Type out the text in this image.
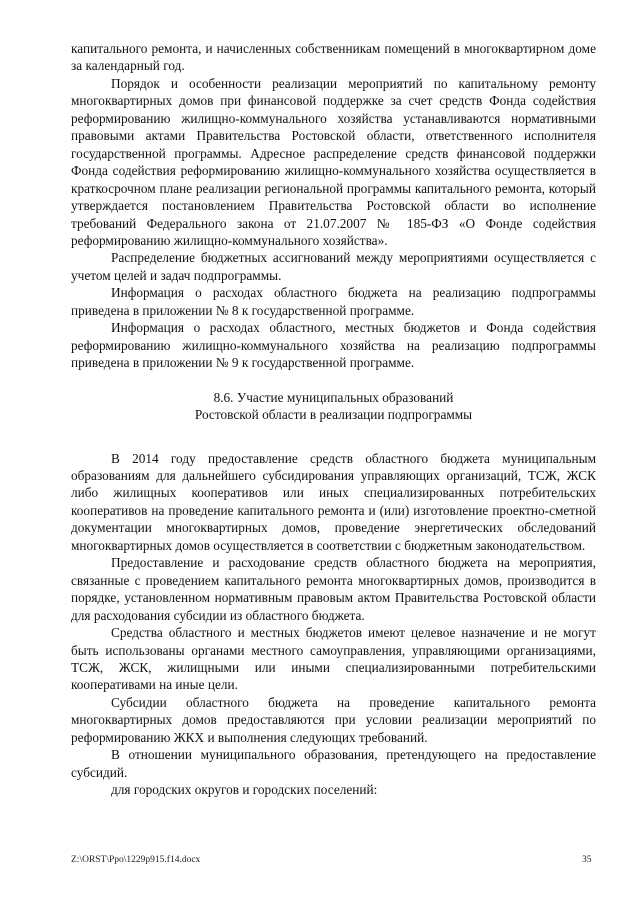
капитального ремонта, и начисленных собственникам помещений в многоквартирном доме за календарный год.

Порядок и особенности реализации мероприятий по капитальному ремонту многоквартирных домов при финансовой поддержке за счет средств Фонда содействия реформированию жилищно-коммунального хозяйства устанавливаются нормативными правовыми актами Правительства Ростовской области, ответственного исполнителя государственной программы. Адресное распределение средств финансовой поддержки Фонда содействия реформированию жилищно-коммунального хозяйства осуществляется в краткосрочном плане реализации региональной программы капитального ремонта, который утверждается постановлением Правительства Ростовской области во исполнение требований Федерального закона от 21.07.2007 № 185-ФЗ «О Фонде содействия реформированию жилищно-коммунального хозяйства».

Распределение бюджетных ассигнований между мероприятиями осуществляется с учетом целей и задач подпрограммы.

Информация о расходах областного бюджета на реализацию подпрограммы приведена в приложении № 8 к государственной программе.

Информация о расходах областного, местных бюджетов и Фонда содействия реформированию жилищно-коммунального хозяйства на реализацию подпрограммы приведена в приложении № 9 к государственной программе.

8.6. Участие муниципальных образований

Ростовской области в реализации подпрограммы

В 2014 году предоставление средств областного бюджета муниципальным образованиям для дальнейшего субсидирования управляющих организаций, ТСЖ, ЖСК либо жилищных кооперативов или иных специализированных потребительских кооперативов на проведение капитального ремонта и (или) изготовление проектно-сметной документации многоквартирных домов, проведение энергетических обследований многоквартирных домов осуществляется в соответствии с бюджетным законодательством.

Предоставление и расходование средств областного бюджета на мероприятия, связанные с проведением капитального ремонта многоквартирных домов, производится в порядке, установленном нормативным правовым актом Правительства Ростовской области для расходования субсидии из областного бюджета.

Средства областного и местных бюджетов имеют целевое назначение и не могут быть использованы органами местного самоуправления, управляющими организациями, ТСЖ, ЖСК, жилищными или иными специализированными потребительскими кооперативами на иные цели.

Субсидии областного бюджета на проведение капитального ремонта многоквартирных домов предоставляются при условии реализации мероприятий по реформированию ЖКХ и выполнения следующих требований.

В отношении муниципального образования, претендующего на предоставление субсидий.

для городских округов и городских поселений:

Z:\ORST\Ppo\1229p915.f14.docx	35
